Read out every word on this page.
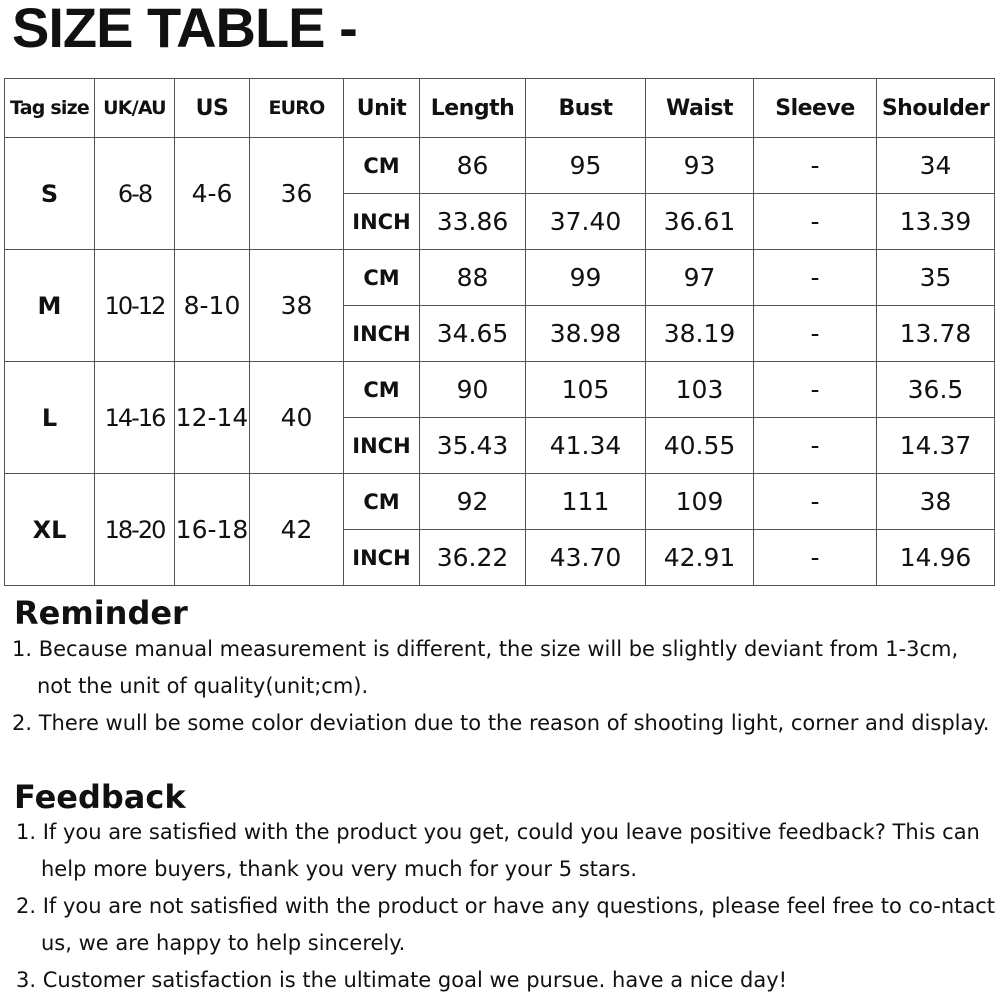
SIZE TABLE -
Tag size	UK/AU	US	EURO	Unit	Length	Bust	Waist	Sleeve	Shoulder
S	6-8	4-6	36	CM	86	95	93	-	34
				INCH	33.86	37.40	36.61	-	13.39
M	10-12	8-10	38	CM	88	99	97	-	35
				INCH	34.65	38.98	38.19	-	13.78
L	14-16	12-14	40	CM	90	105	103	-	36.5
				INCH	35.43	41.34	40.55	-	14.37
XL	18-20	16-18	42	CM	92	111	109	-	38
				INCH	36.22	43.70	42.91	-	14.96
Reminder
1. Because manual measurement is different, the size will be slightly deviant from 1-3cm, not the unit of quality(unit;cm).
2. There wull be some color deviation due to the reason of shooting light, corner and display.
Feedback
1. If you are satisfied with the product you get, could you leave positive feedback? This can help more buyers, thank you very much for your 5 stars.
2. If you are not satisfied with the product or have any questions, please feel free to co-ntact us, we are happy to help sincerely.
3. Customer satisfaction is the ultimate goal we pursue. have a nice day!
